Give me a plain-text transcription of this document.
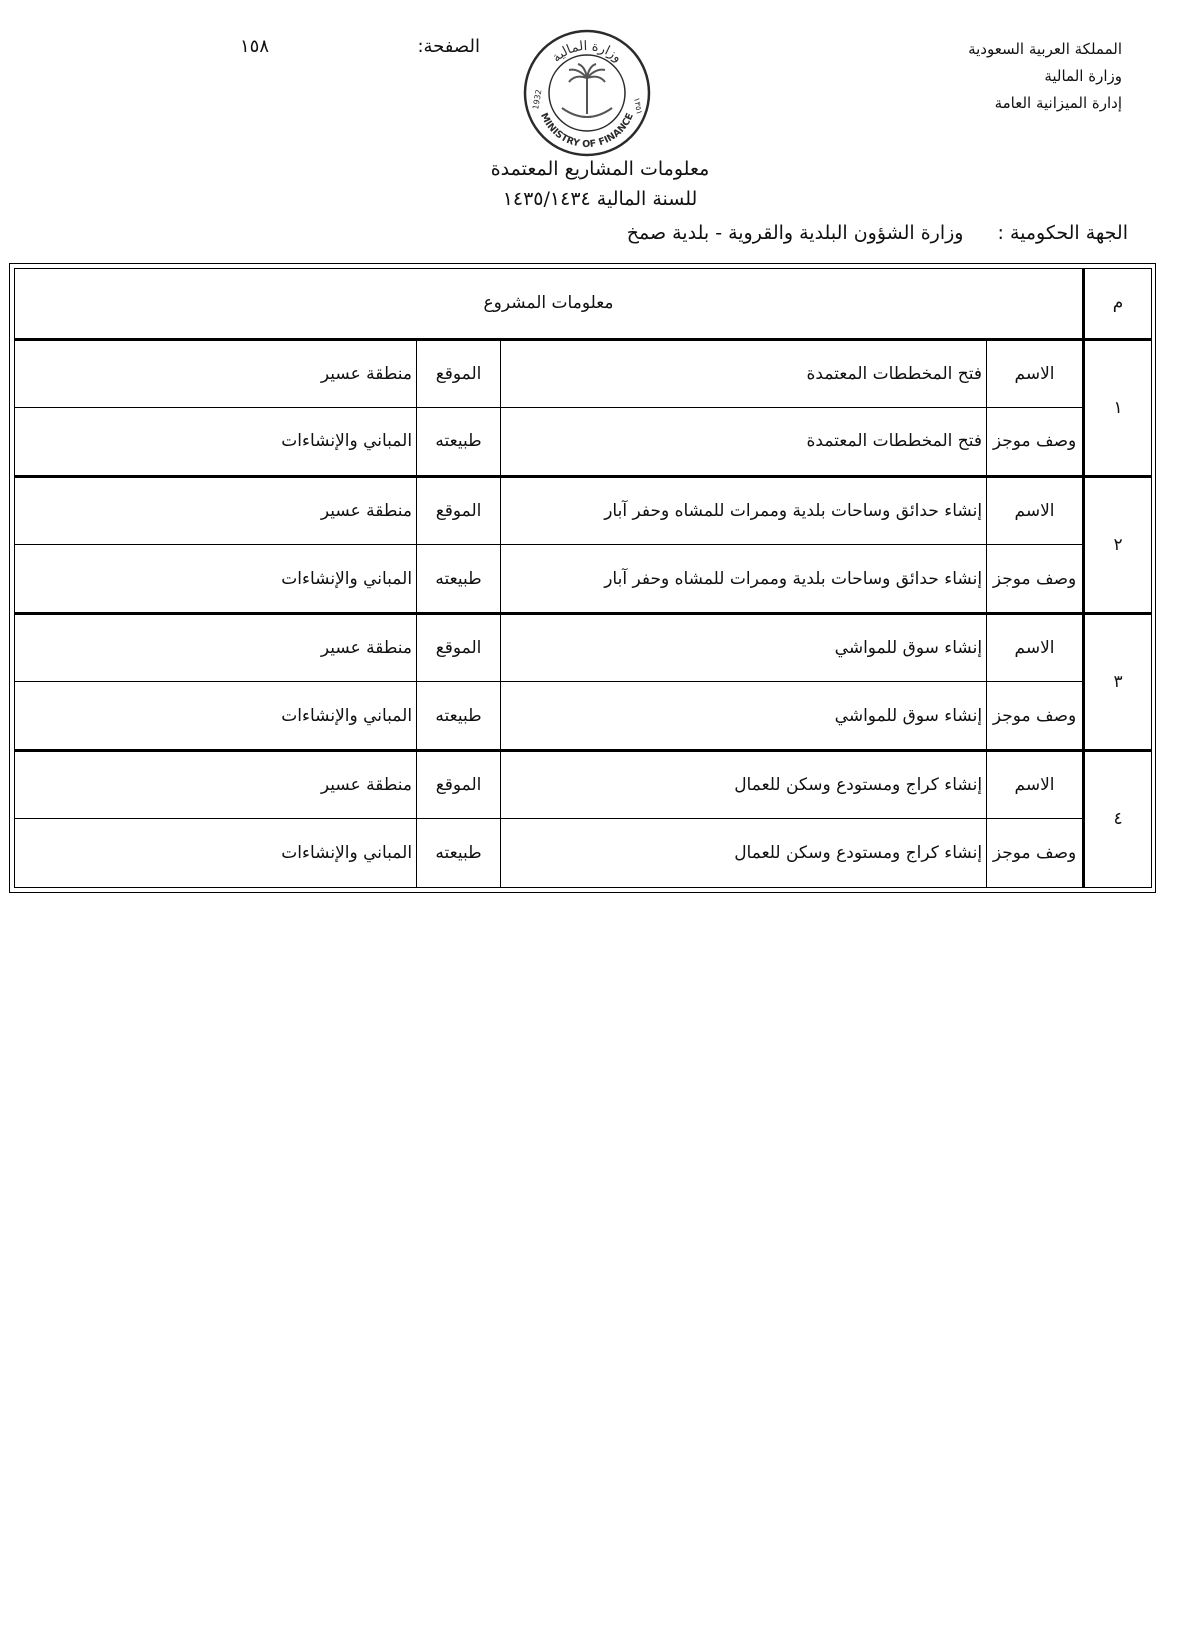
المملكة العربية السعودية
وزارة المالية
إدارة الميزانية العامة
الصفحة:
١٥٨
وزارة المالية
MINISTRY OF FINANCE
1932	١٣٥١
معلومات المشاريع المعتمدة
للسنة المالية ١٤٣٥/١٤٣٤
الجهة الحكومية : وزارة الشؤون البلدية والقروية - بلدية صمخ
م	معلومات المشروع			
١	الاسم	فتح المخططات المعتمدة	الموقع	منطقة عسير
	وصف موجز	فتح المخططات المعتمدة	طبيعته	المباني والإنشاءات
٢	الاسم	إنشاء حدائق وساحات بلدية وممرات للمشاه وحفر آبار	الموقع	منطقة عسير
	وصف موجز	إنشاء حدائق وساحات بلدية وممرات للمشاه وحفر آبار	طبيعته	المباني والإنشاءات
٣	الاسم	إنشاء سوق للمواشي	الموقع	منطقة عسير
	وصف موجز	إنشاء سوق للمواشي	طبيعته	المباني والإنشاءات
٤	الاسم	إنشاء كراج ومستودع وسكن للعمال	الموقع	منطقة عسير
	وصف موجز	إنشاء كراج ومستودع وسكن للعمال	طبيعته	المباني والإنشاءات
